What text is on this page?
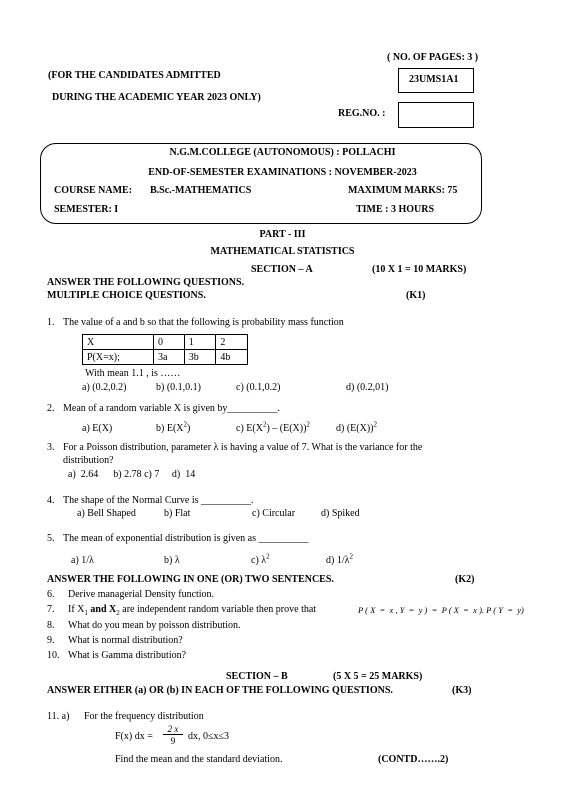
( NO. OF PAGES: 3 )
(FOR THE CANDIDATES ADMITTED
DURING THE ACADEMIC YEAR 2023 ONLY)
23UMS1A1
REG.NO. :
N.G.M.COLLEGE (AUTONOMOUS) : POLLACHI
END-OF-SEMESTER EXAMINATIONS : NOVEMBER-2023
COURSE NAME: B.Sc.-MATHEMATICS	MAXIMUM MARKS: 75
SEMESTER: I	TIME : 3 HOURS
PART - III
MATHEMATICAL STATISTICS
SECTION – A	(10 X 1 = 10 MARKS)
ANSWER THE FOLLOWING QUESTIONS.
MULTIPLE CHOICE QUESTIONS.	(K1)
1. The value of a and b so that the following is probability mass function
X	0	1	2
P(X=x);	3a	3b	4b
With mean 1.1 , is ……
a) (0.2,0.2)	b) (0.1,0.1)	c) (0.1,0.2)	d) (0.2,01)
2. Mean of a random variable X is given by__________.
a) E(X)	b) $E(X^2)$	c) $E(X^2) - (E(X))^2$	d) $(E(X))^2$
3. For a Poisson distribution, parameter λ is having a value of 7. What is the variance for the
distribution?
a)  2.64      b) 2.78 c) 7     d)  14
4. The shape of the Normal Curve is __________.
a) Bell Shaped	b) Flat	c) Circular	d) Spiked
5. The mean of exponential distribution is given as __________
a) 1/λ	b) λ	c) $\lambda^2$	d) $1/\lambda^2$
ANSWER THE FOLLOWING IN ONE (OR) TWO SENTENCES.	(K2)
6. Derive managerial Density function.
7. If $X_1$ and $X_2$ are independent random variable then prove that	P ( X  =  x , Y  =  y )  =  P ( X  =  x ). P ( Y  =  y)
8. What do you mean by poisson distribution.
9. What is normal distribution?
10. What is Gamma distribution?
SECTION – B	(5 X 5 = 25 MARKS)
ANSWER EITHER (a) OR (b) IN EACH OF THE FOLLOWING QUESTIONS.	(K3)
11. a) For the frequency distribution
F(x) dx = $\frac{2 x}{9}$ dx, 0≤x≤3
Find the mean and the standard deviation.	(CONTD…….2)
